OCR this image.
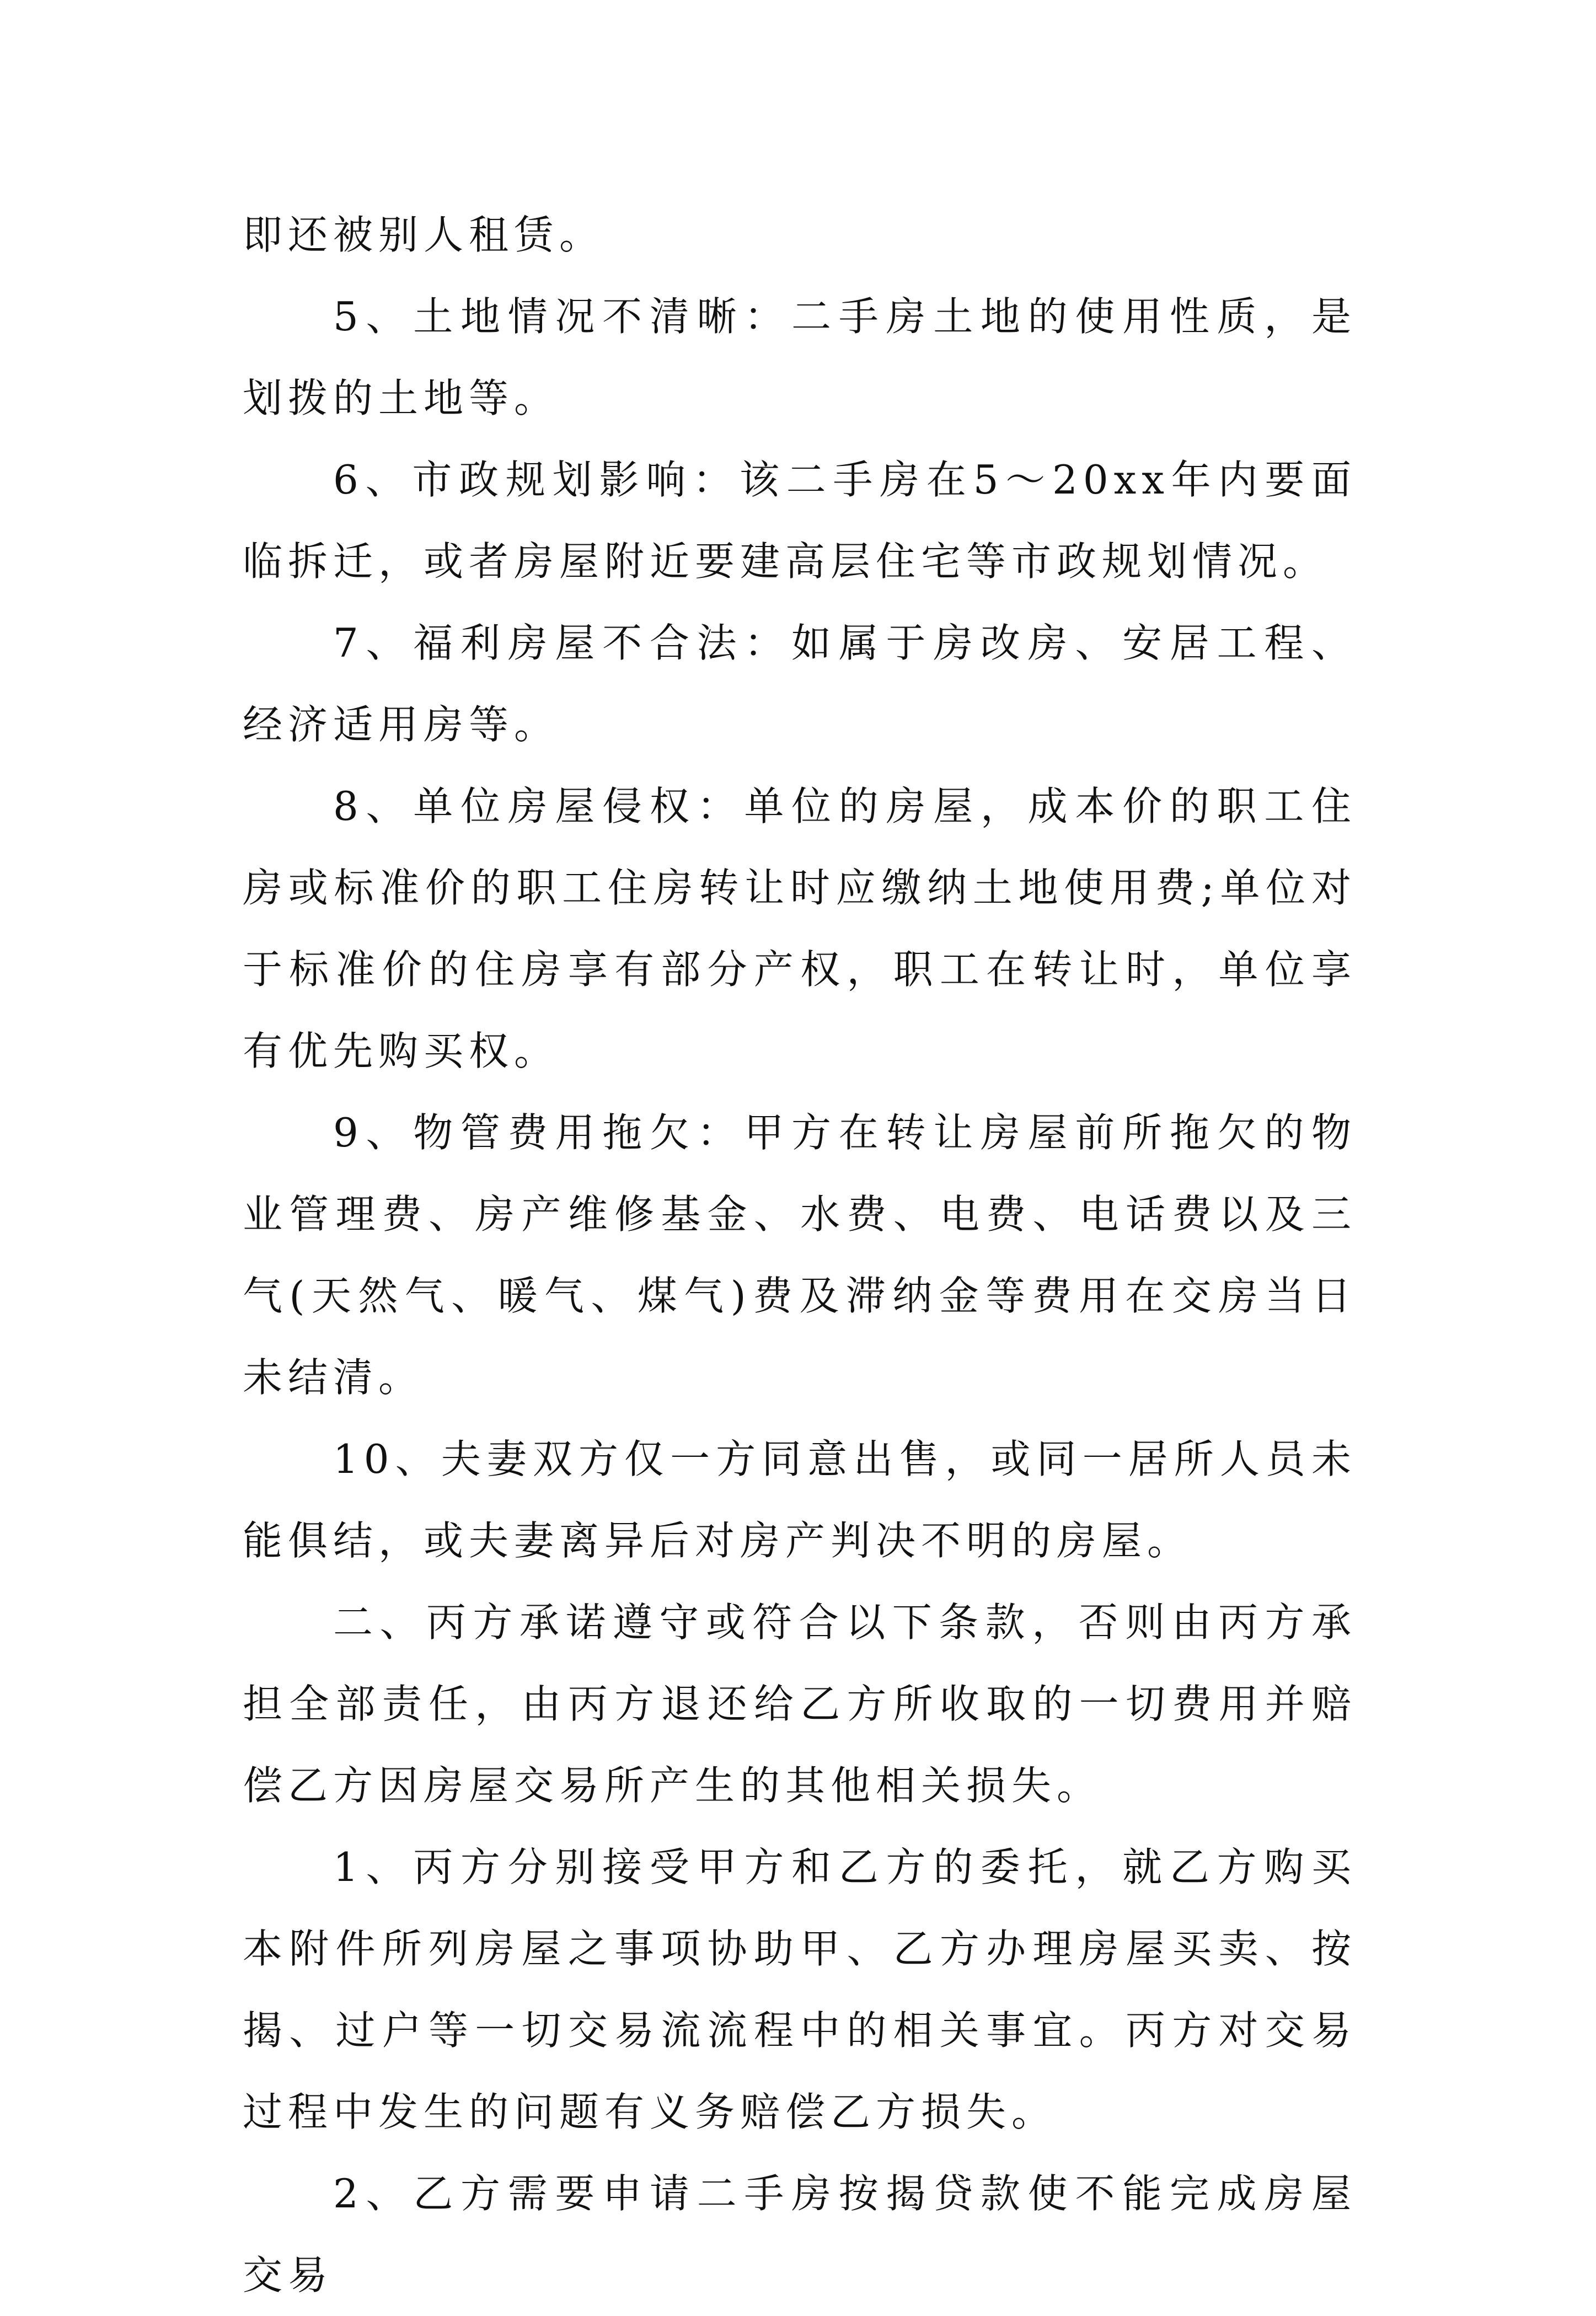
即还被别人租赁。

5、土地情况不清晰：二手房土地的使用性质，是划拨的土地等。

6、市政规划影响：该二手房在5～20xx年内要面临拆迁，或者房屋附近要建高层住宅等市政规划情况。

7、福利房屋不合法：如属于房改房、安居工程、经济适用房等。

8、单位房屋侵权：单位的房屋，成本价的职工住房或标准价的职工住房转让时应缴纳土地使用费;单位对于标准价的住房享有部分产权，职工在转让时，单位享有优先购买权。

9、物管费用拖欠：甲方在转让房屋前所拖欠的物业管理费、房产维修基金、水费、电费、电话费以及三气(天然气、暖气、煤气)费及滞纳金等费用在交房当日未结清。

10、夫妻双方仅一方同意出售，或同一居所人员未能俱结，或夫妻离异后对房产判决不明的房屋。

二、丙方承诺遵守或符合以下条款，否则由丙方承担全部责任，由丙方退还给乙方所收取的一切费用并赔偿乙方因房屋交易所产生的其他相关损失。

1、丙方分别接受甲方和乙方的委托，就乙方购买本附件所列房屋之事项协助甲、乙方办理房屋买卖、按揭、过户等一切交易流流程中的相关事宜。丙方对交易过程中发生的问题有义务赔偿乙方损失。

2、乙方需要申请二手房按揭贷款使不能完成房屋交易
